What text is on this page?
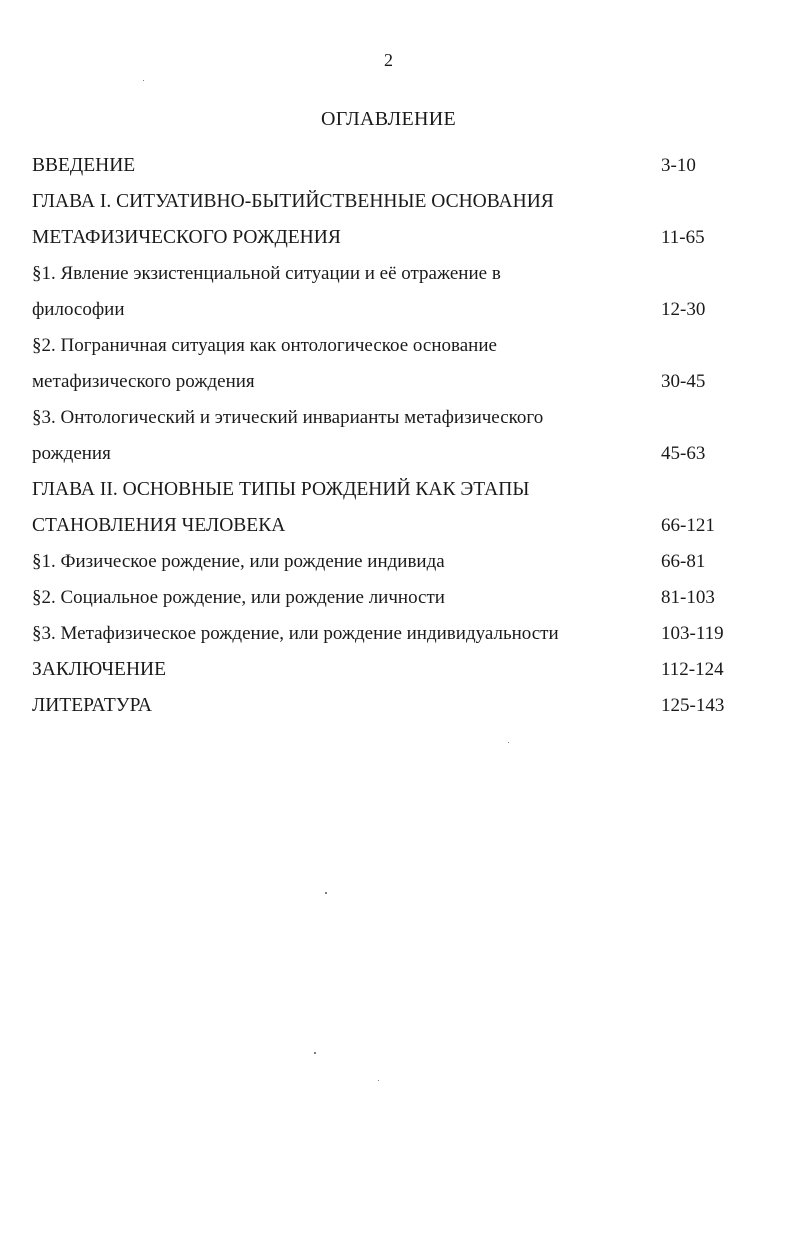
2
ОГЛАВЛЕНИЕ
ВВЕДЕНИЕ	3-10
ГЛАВА I. СИТУАТИВНО-БЫТИЙСТВЕННЫЕ ОСНОВАНИЯ
МЕТАФИЗИЧЕСКОГО РОЖДЕНИЯ	11-65
§1. Явление экзистенциальной ситуации и её отражение в
философии	12-30
§2. Пограничная ситуация как онтологическое основание
метафизического рождения	30-45
§3. Онтологический и этический инварианты метафизического
рождения	45-63
ГЛАВА II. ОСНОВНЫЕ ТИПЫ РОЖДЕНИЙ КАК ЭТАПЫ
СТАНОВЛЕНИЯ ЧЕЛОВЕКА	66-121
§1. Физическое рождение, или рождение индивида	66-81
§2. Социальное рождение, или рождение личности	81-103
§3. Метафизическое рождение, или рождение индивидуальности	103-119
ЗАКЛЮЧЕНИЕ	112-124
ЛИТЕРАТУРА	125-143
